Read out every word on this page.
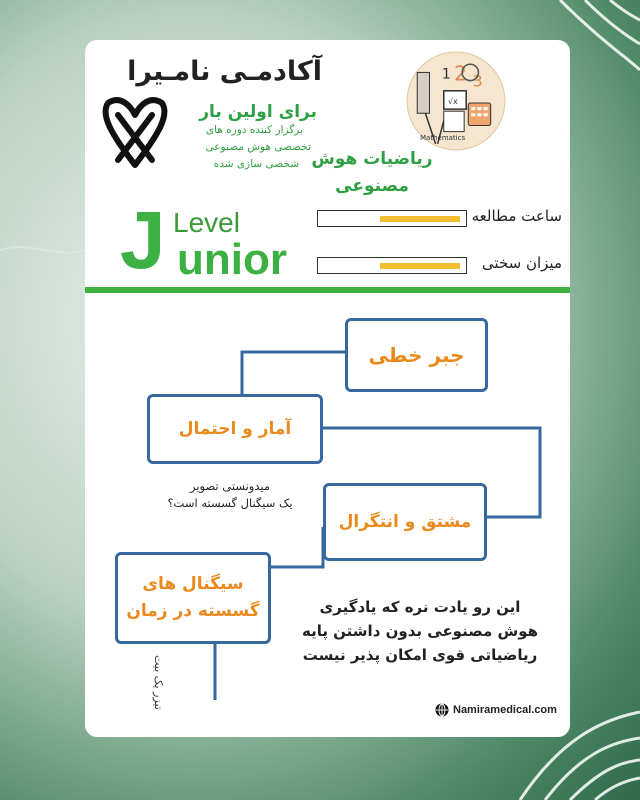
آکادمـی نامـیرا
برای اولین بار
برگزار کننده دوره های
تخصصی هوش مصنوعی
شخصی سازی شده
√x
2 3
1
Mathematics
ریاضیات هوش
مصنوعی
Level
J unior
ساعت مطالعه
میزان سختی
جبر خطی
آمار و احتمال
میدونستی تصویر
یک سیگنال گسسته است؟
مشتق و انتگرال
سیگنال های
گسسته در زمان
تیزر یک بیت
این رو یادت نره که یادگیری
هوش مصنوعی بدون داشتن پایه
ریاضیاتی قوی امکان پذیر نیست
Namiramedical.com
